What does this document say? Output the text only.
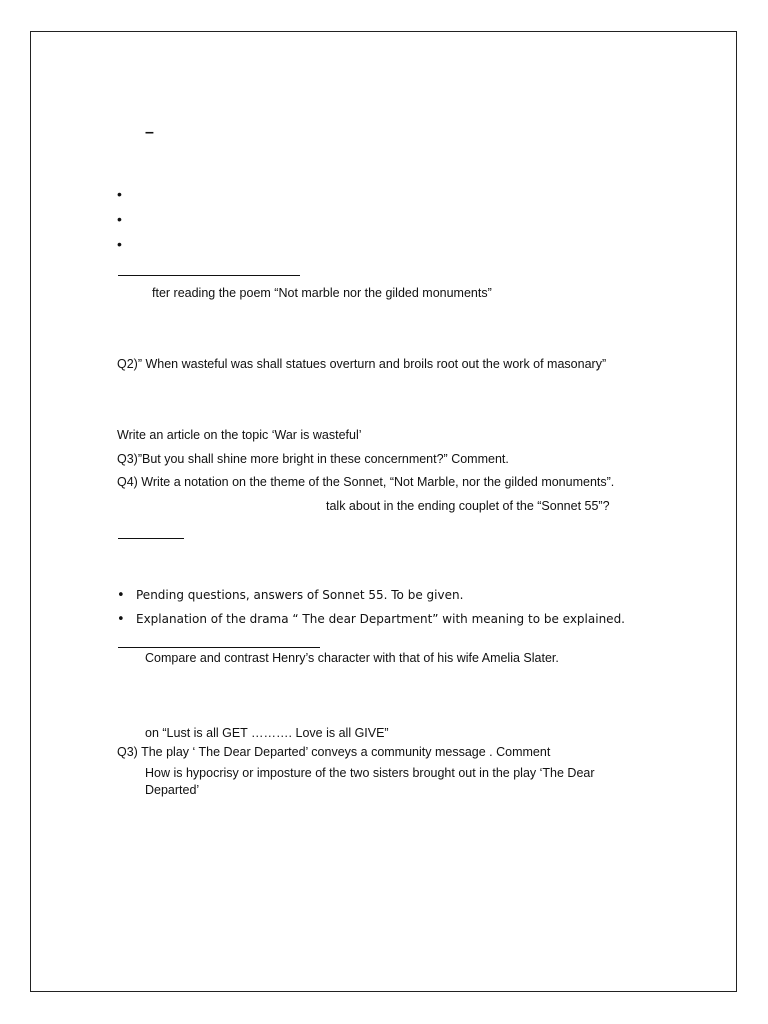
–
•
•
•
fter reading the poem “Not marble nor the gilded monuments”
Q2)” When wasteful was shall statues overturn and broils root out the work of masonary”
Write an article on the topic ‘War is wasteful’
Q3)”But you shall shine more bright in these concernment?” Comment.
Q4) Write a notation on the theme of the Sonnet, “Not Marble, nor the gilded monuments”.
talk about in the ending couplet of the “Sonnet 55”?
• Pending questions, answers of Sonnet 55. To be given.
• Explanation of the drama “ The dear Department” with meaning to be explained.
Compare and contrast Henry’s character with that of his wife Amelia Slater.
on “Lust is all GET ………. Love is all GIVE”
Q3) The play ‘ The Dear Departed’ conveys a community message . Comment
How is hypocrisy or imposture of the two sisters brought out in the play ‘The Dear
Departed’
